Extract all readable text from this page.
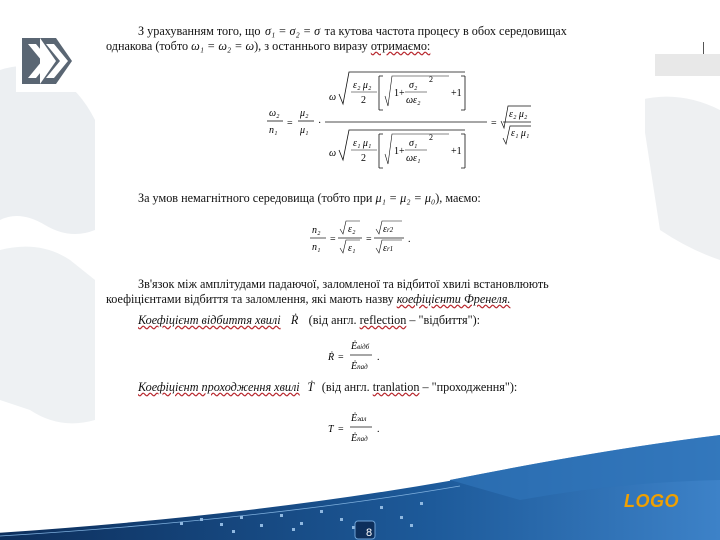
З урахуванням того, що σ₁ = σ₂ = σ та кутова частота процесу в обох середовищах
однакова (тобто ω₁ = ω₂ = ω), з останнього виразу отримаємо:
ω₂
n₁
=
μ₂
μ₁
·
ω
ε₂ μ₂
2
1+
σ₂
ωε₂
2
+1
ω
ε₁ μ₁
2
1+
σ₁
ωε₁
2
+1
=
ε₂ μ₂
ε₁ μ₁
За умов немагнітного середовища (тобто при μ₁ = μ₂ = μ₀), маємо:
n₂
n₁
=
ε₂
ε₁
=
εr2
εr1
.
Зв'язок між амплітудами падаючої, заломленої та відбитої хвилі встановлюють
коефіцієнтами відбиття та заломлення, які мають назву коефіцієнти Френеля.
Коефіцієнт відбиття хвилі Ṙ (від англ. reflection – "відбиття"):
Ṙ =
Ėвідб
Ėпад
.
Коефіцієнт проходження хвилі Ṫ (від англ. tranlation – "проходження"):
T =
Ėзал
Ėпад
.
LOGO
8
